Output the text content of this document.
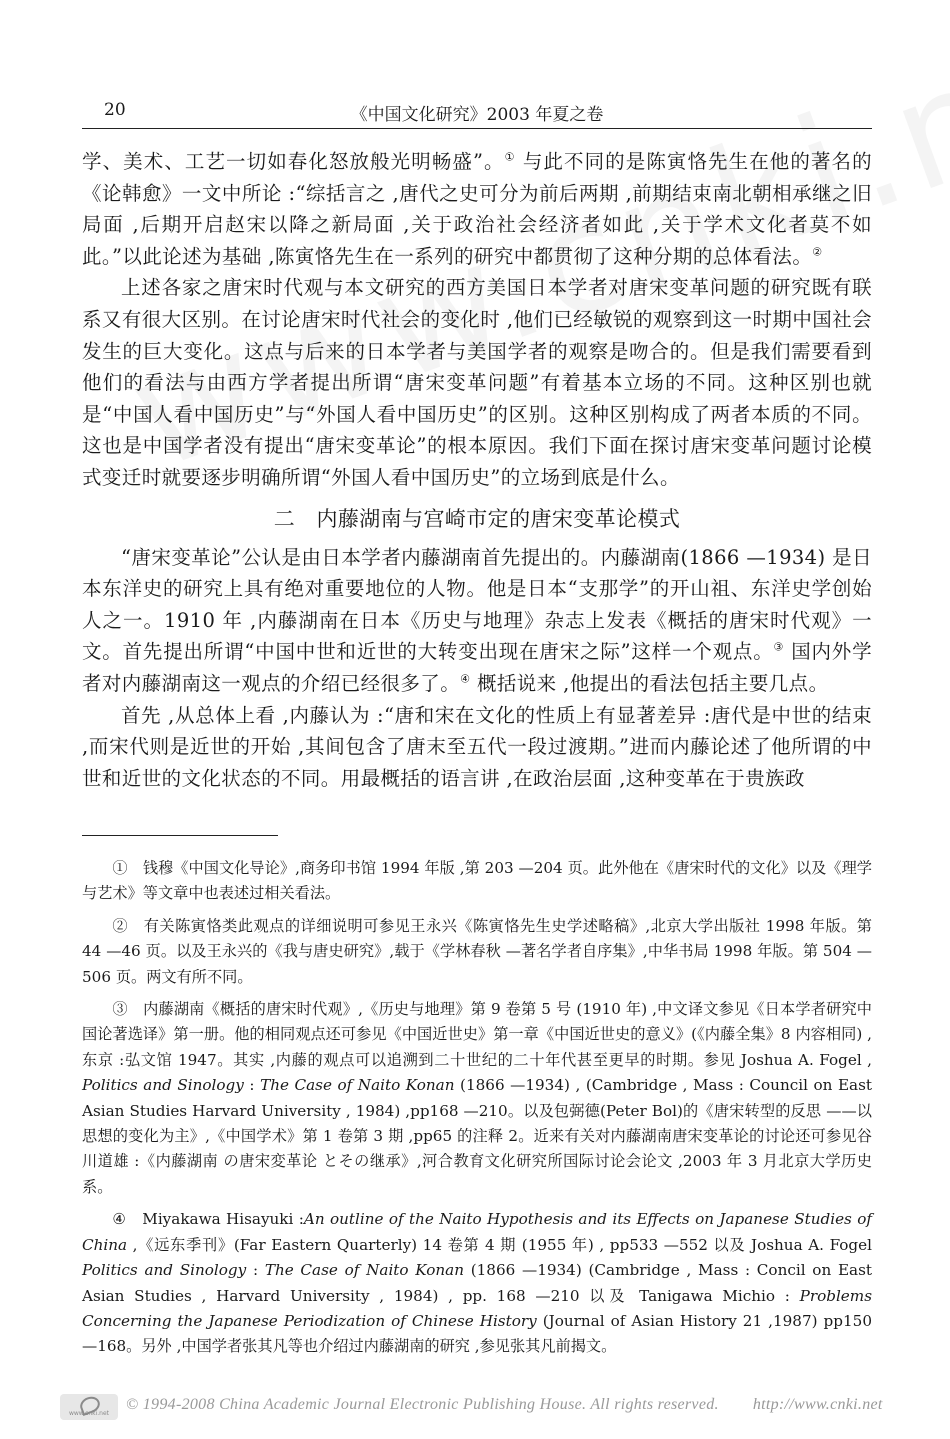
20	《中国文化研究》2003 年夏之卷

学、美术、工艺一切如春化怒放般光明畅盛”。① 与此不同的是陈寅恪先生在他的著名的《论韩愈》一文中所论 :“综括言之 ,唐代之史可分为前后两期 ,前期结束南北朝相承继之旧局面 ,后期开启赵宋以降之新局面 ,关于政治社会经济者如此 ,关于学术文化者莫不如此。”以此论述为基础 ,陈寅恪先生在一系列的研究中都贯彻了这种分期的总体看法。②

上述各家之唐宋时代观与本文研究的西方美国日本学者对唐宋变革问题的研究既有联系又有很大区别。在讨论唐宋时代社会的变化时 ,他们已经敏锐的观察到这一时期中国社会发生的巨大变化。这点与后来的日本学者与美国学者的观察是吻合的。但是我们需要看到他们的看法与由西方学者提出所谓“唐宋变革问题”有着基本立场的不同。这种区别也就是“中国人看中国历史”与“外国人看中国历史”的区别。这种区别构成了两者本质的不同。这也是中国学者没有提出“唐宋变革论”的根本原因。我们下面在探讨唐宋变革问题讨论模式变迁时就要逐步明确所谓“外国人看中国历史”的立场到底是什么。

二　内藤湖南与宫崎市定的唐宋变革论模式

“唐宋变革论”公认是由日本学者内藤湖南首先提出的。内藤湖南(1866 —1934) 是日本东洋史的研究上具有绝对重要地位的人物。他是日本“支那学”的开山祖、东洋史学创始人之一。1910 年 ,内藤湖南在日本《历史与地理》杂志上发表《概括的唐宋时代观》一文。首先提出所谓“中国中世和近世的大转变出现在唐宋之际”这样一个观点。③ 国内外学者对内藤湖南这一观点的介绍已经很多了。④ 概括说来 ,他提出的看法包括主要几点。

首先 ,从总体上看 ,内藤认为 :“唐和宋在文化的性质上有显著差异 :唐代是中世的结束 ,而宋代则是近世的开始 ,其间包含了唐末至五代一段过渡期。”进而内藤论述了他所谓的中世和近世的文化状态的不同。用最概括的语言讲 ,在政治层面 ,这种变革在于贵族政

①　钱穆《中国文化导论》,商务印书馆 1994 年版 ,第 203 —204 页。此外他在《唐宋时代的文化》以及《理学与艺术》等文章中也表述过相关看法。

②　有关陈寅恪类此观点的详细说明可参见王永兴《陈寅恪先生史学述略稿》,北京大学出版社 1998 年版。第 44 —46 页。以及王永兴的《我与唐史研究》,载于《学林春秋 —著名学者自序集》,中华书局 1998 年版。第 504 —506 页。两文有所不同。

③　内藤湖南《概括的唐宋时代观》,《历史与地理》第 9 卷第 5 号 (1910 年) ,中文译文参见《日本学者研究中国论著选译》第一册。他的相同观点还可参见《中国近世史》第一章《中国近世史的意义》(《内藤全集》8 内容相同) ,东京 :弘文馆 1947。其实 ,内藤的观点可以追溯到二十世纪的二十年代甚至更早的时期。参见 Joshua A. Fogel , Politics and Sinology : The Case of Naito Konan (1866 —1934) , (Cambridge , Mass : Council on East Asian Studies Harvard University , 1984) ,pp168 —210。以及包弼德(Peter Bol)的《唐宋转型的反思 ——以思想的变化为主》,《中国学术》第 1 卷第 3 期 ,pp65 的注释 2。近来有关对内藤湖南唐宋变革论的讨论还可参见谷川道雄 :《内藤湖南 の唐宋変革论 とその继承》,河合教育文化研究所国际讨论会论文 ,2003 年 3 月北京大学历史系。

④　Miyakawa Hisayuki :An outline of the Naito Hypothesis and its Effects on Japanese Studies of China ,《远东季刊》(Far Eastern Quarterly) 14 卷第 4 期 (1955 年) , pp533 —552 以及 Joshua A. Fogel Politics and Sinology : The Case of Naito Konan (1866 —1934) (Cambridge , Mass : Concil on East Asian Studies , Harvard University , 1984) , pp. 168 —210 以及 Tanigawa Michio : Problems Concerning the Japanese Periodization of Chinese History (Journal of Asian History 21 ,1987) pp150 —168。另外 ,中国学者张其凡等也介绍过内藤湖南的研究 ,参见张其凡前揭文。

www.cnki.net
© 1994-2008 China Academic Journal Electronic Publishing House. All rights reserved. http://www.cnki.net
